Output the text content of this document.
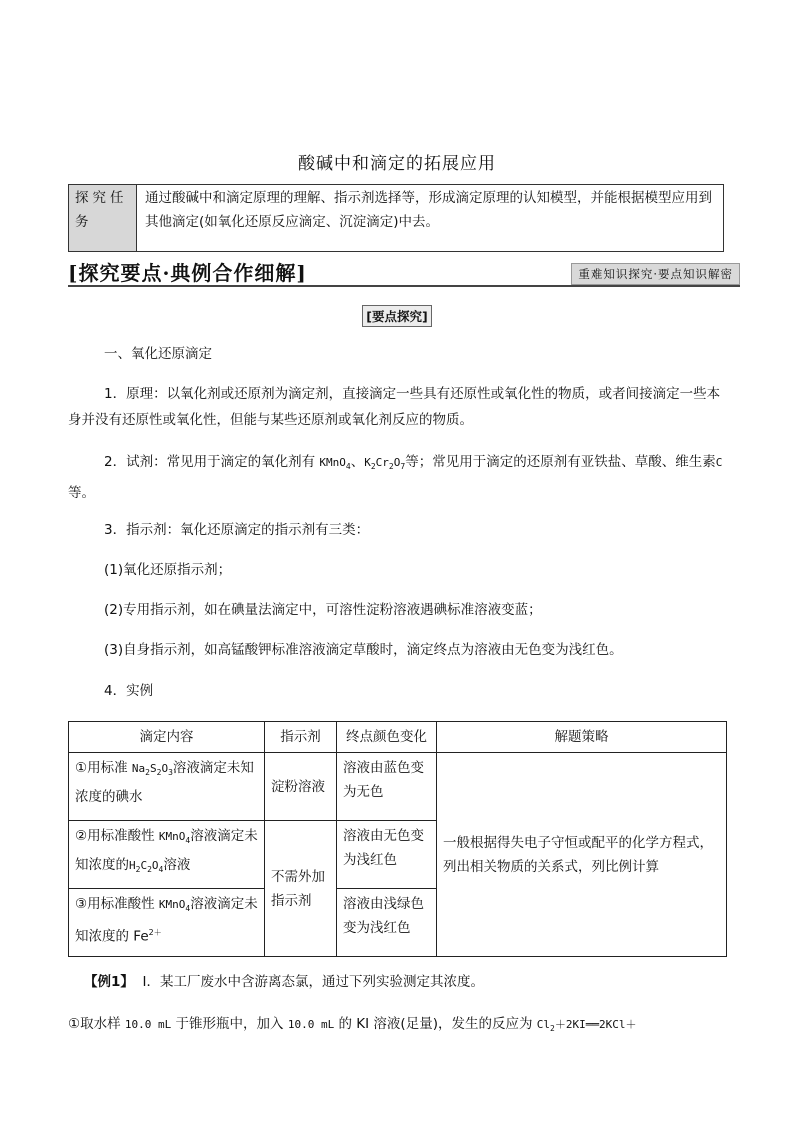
酸碱中和滴定的拓展应用
探究任务
通过酸碱中和滴定原理的理解、指示剂选择等，形成滴定原理的认知模型，并能根据模型应用到其他滴定(如氧化还原反应滴定、沉淀滴定)中去。
[探究要点·典例合作细解]	重难知识探究·要点知识解密
[要点探究]

一、氧化还原滴定

1．原理：以氧化剂或还原剂为滴定剂，直接滴定一些具有还原性或氧化性的物质，或者间接滴定一些本身并没有还原性或氧化性，但能与某些还原剂或氧化剂反应的物质。

2．试剂：常见用于滴定的氧化剂有 KMnO$_4$、$K_2Cr_2O_7$等；常见用于滴定的还原剂有亚铁盐、草酸、维生素C等。

3．指示剂：氧化还原滴定的指示剂有三类：

(1)氧化还原指示剂；

(2)专用指示剂，如在碘量法滴定中，可溶性淀粉溶液遇碘标准溶液变蓝；

(3)自身指示剂，如高锰酸钾标准溶液滴定草酸时，滴定终点为溶液由无色变为浅红色。

4．实例

滴定内容	指示剂	终点颜色变化	解题策略
①用标准 $Na_2S_2O_3$溶液滴定未知浓度的碘水	淀粉溶液	溶液由蓝色变为无色	一般根据得失电子守恒或配平的化学方程式，列出相关物质的关系式，列比例计算
②用标准酸性 KMnO$_4$溶液滴定未知浓度的$H_2C_2O_4$溶液	不需外加指示剂	溶液由无色变为浅红色	
③用标准酸性 KMnO$_4$溶液滴定未知浓度的 $Fe^{2+}$		溶液由浅绿色变为浅红色	
【例1】 Ⅰ．某工厂废水中含游离态氯，通过下列实验测定其浓度。
①取水样 10.0 mL 于锥形瓶中，加入 10.0 mL 的 KI 溶液(足量)，发生的反应为 $Cl_2+2KI══2KCl+$
